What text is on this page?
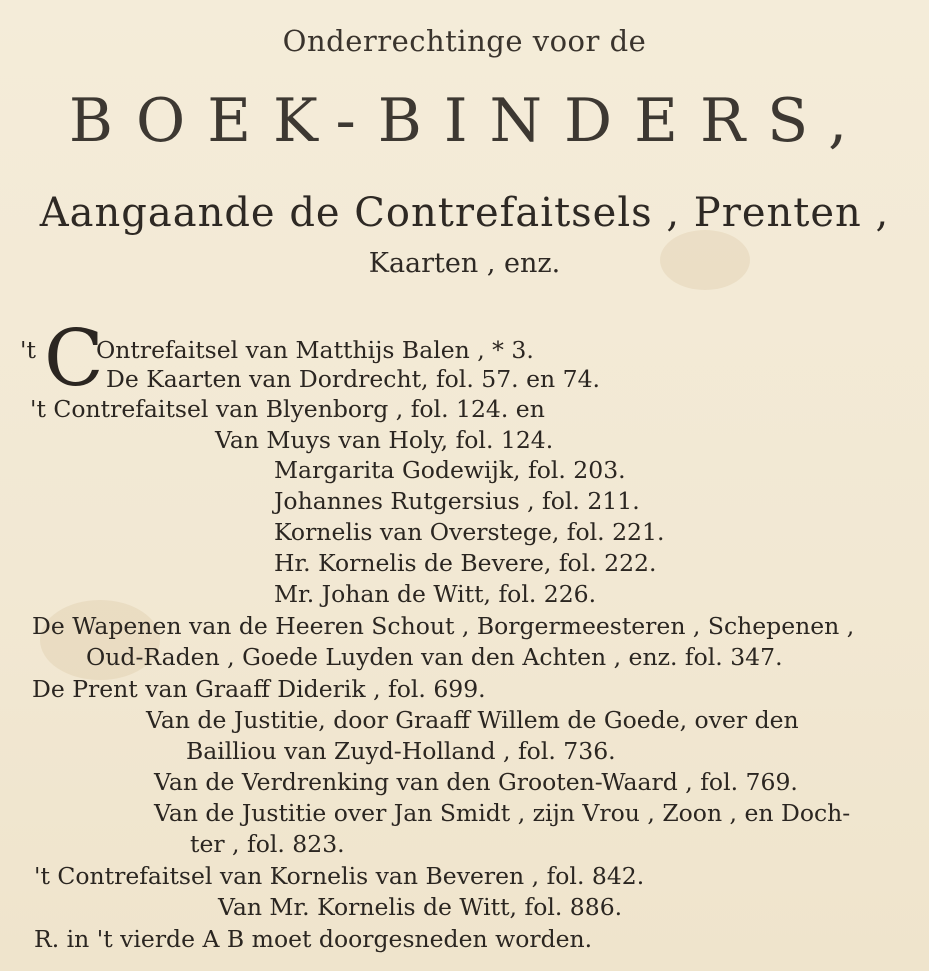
Onderrechtinge voor de
BOEK-BINDERS,
Aangaande de Contrefaitsels , Prenten ,
Kaarten , enz.
't C
Ontrefaitsel van Matthijs Balen , * 3.
De Kaarten van Dordrecht, fol. 57. en 74.
't Contrefaitsel van Blyenborg , fol. 124. en
Van Muys van Holy, fol. 124.
Margarita Godewijk, fol. 203.
Johannes Rutgersius , fol. 211.
Kornelis van Overstege, fol. 221.
Hr. Kornelis de Bevere, fol. 222.
Mr. Johan de Witt, fol. 226.
De Wapenen van de Heeren Schout , Borgermeesteren , Schepenen ,
Oud-Raden , Goede Luyden van den Achten , enz. fol. 347.
De Prent van Graaff Diderik , fol. 699.
Van de Justitie, door Graaff Willem de Goede, over den
Bailliou van Zuyd-Holland , fol. 736.
Van de Verdrenking van den Grooten-Waard , fol. 769.
Van de Justitie over Jan Smidt , zijn Vrou , Zoon , en Doch-
ter , fol. 823.
't Contrefaitsel van Kornelis van Beveren , fol. 842.
Van Mr. Kornelis de Witt, fol. 886.
R. in 't vierde A B moet doorgesneden worden.
